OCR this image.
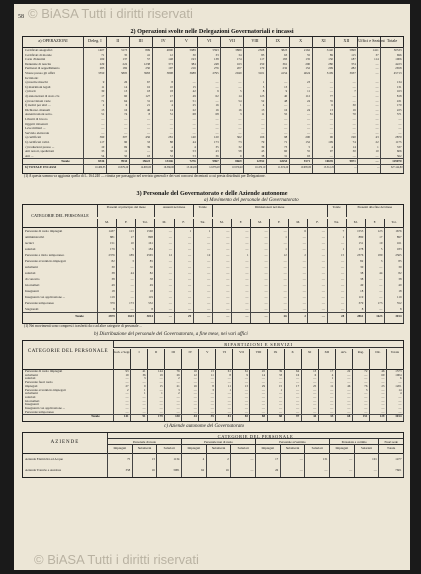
© BiASA Tutti i diritti riservati
58
2) Operazioni svolte nelle Delegazioni Governatoriali e incassi
a) OPERAZIONI	Deleg. I	II	III	IV	V	VI	VII	VIII	IX	X	XI	XII	Uffici e Sezioni Totale
Certificati anagrafici	1407	3173	899	4800	5989	5593	3889	2508	3823	2162	3140	5898	1411	50533
Certificati di morale	71	35	41	12	30	33	34	83	63	55	89	115	37	696
Carte d'identità	169	137	57	148	193	138	174	117	183	135	150	187	114	1906
Denunzie di nascita	229	222	1238	373	384	248	163	250	361	290	280	374	—	4223
Permessi di seppellimento	285	182	250	197	216	276	207	170	232	152	209	282	—	2658
Visure presso gli uffici	3550	5805	3983	3898	3688	2795	2049	3101	4154	4024	5109	3937	—	45713
Iscrizioni:
a) nascite maschi	9	26	67	8	—	—	—	1	—	23	—	—	—	134
b) matrimoni legali	11	14	16	10	15	—	—	5	13	—	—	—	—	131
c) morti	30	13	18	18	42	9	5	8	9	11	—	7	—	163
d) annotazioni di stato civ.	17	60	127	17	49	62	14	123	40	112	77	—	—	818
e) trascrizioni varie	71	64	31	22	51	—	54	52	48	24	35	—	—	431
f) inoltri per altri ...	2	6	21	4	25	16	1	4	—	—	6	30	—	170
Dichiaraz. manuali	13	16	46	14	22	16	16	13	16	24	13	16	—	225
Autenticazioni sotto.	51	74	8	51	68	68	3	11	55	—	81	70	—	571
Libretti di lavoro	—	—	—	—	—	—	—	—	—	—	—	—	—	—
Oggetti rinvenuti	—	—	—	—	—	—	—	—	—	—	—	—	—	—
Leve militari ...	—	—	—	—	—	—	—	—	—	—	—	—	—	—
Servizio elettorale	—	—	—	—	—	—	—	—	—	—	—	—	—	—
a) certificati	390	307	456	281	140	120	362	166	98	200	96	190	43	2870
b) certificati valid.	117	90	33	88	44	173	73	79	71	152	109	74	22	1173
c) traduzioni presso ...	10	69	39	4	4	35	32	39	73	5	4	14	1	337
Atti notori, spedizioni	33	11	—	38	53	43	58	45	60	55	97	30	10	606
Atti ...	54	50	18	53	53	36	9	38	31	93	—	—	—	562
Totale	8336	9934	15623	13346	7276	9967	8669	12352	12654	9171	10639	9871	—	129070
b) TOTALE INCASSI	10.486,85	10.679,20	14.665,60	16.366,60	13.194,00	12.876,20	10.979,40	10.479,10	11.674,20	10.985,80	15.312,25	—	—	327.144,80
(1) A questa somma va aggiunta quella di L. 164.240 — ritratta per passaggio nel servizio generali e dei vari concorsi decentrati a cui presta distribuiti per Delegazione.
3) Personale del Governatorato e delle Aziende autonome
a) Movimento del personale del Governatorato
CATEGORIE DEL PERSONALE
Presenti al principio del mese	Assunti nel mese	Totale	Dimissionari nel mese	Totale	Presenti alla fine del mese
M.	F.	Tot.	M.	F.	Tot.	M.	F.	M.	F.	M.	F.	Tot.	M.	F.	Tot.
Personale di ruolo impiegati	1437	123	1560	—	1	1	—	—	—	—	6	—	7	1553	123	1676
amministrativi	881	17	898	—	—	—	—	—	—	1	—	—	1	880	17	897
tecnici	151	10	161	—	—	—	—	—	—	—	—	—	—	151	10	161
salariati	179	5	184	—	—	—	—	—	—	1	—	—	1	178	5	183
Personale a titolo temporaneo	2376	189	2565	12	—	12	—	1	—	12	2	—	15	2376	189	2565
Personale avventizio impiegati	82	3	85	—	—	—	—	—	—	—	—	—	—	82	3	85
subalterni	30	—	30	—	—	—	—	—	—	—	—	—	—	30	—	30
salariati	38	44	82	—	—	—	—	—	—	—	—	—	—	38	44	82
di concetto	38	—	38	—	—	—	—	—	—	—	—	—	—	38	—	38
Giornalieri	49	—	49	—	—	—	—	—	—	—	—	—	—	49	—	49
Insegnanti	18	—	18	—	—	—	—	—	—	—	—	—	—	18	—	18
Insegnanti con applicazione ...	119	—	119	—	—	—	—	—	—	—	—	—	—	119	—	119
Personale temporaneo	379	173	552	—	—	—	—	—	—	—	—	—	—	379	173	552
Stagionali	8	—	8	—	—	—	—	—	—	—	—	—	—	8	—	8
Totale	2879	1623	3014	—	29	—	—	—	—	26	2	—	28	2861	1623	3014
(1) Nei movimenti sono compresi i trasferiti da o ad altre categorie di personale ...
b) Distribuzione del personale del Governatorato, a fine mese, nei vari uffici
CATEGORIE DEL PERSONALE
RIPARTIZIONI E SERVIZI
Gab. e Segr.	I	II	III	IV	V	VI	VII	VIII	IX	X	XI	XII	Avv.	Rag.	Dir.	Totale
Personale di ruolo impiegati	93	41	144	76	16	13	61	61	45	39	64	13	17	22	72	46	1573
subalterni	19	36	19	26	12	11	8	9	14	33	16	6	4	—	—	60	1004
salariati	—	3	—	2	—	—	—	—	—	—	—	—	1	—	—	—	6
Personale fuori ruolo	—	—	—	—	—	—	—	—	—	—	—	—	—	—	—	—	—
impiegati	27	9	15	21	16	8	11	13	29	15	17	25	11	46	76	23	1201
Personale avventizio impiegati	2	1	—	3	—	3	1	—	—	1	—	—	—	—	3	—	14
subalterni	—	1	1	2	—	—	—	—	—	—	—	—	—	—	—	—	4
salariati	—	—	—	—	—	—	—	—	—	—	—	—	—	—	—	—	—
Giornalieri	—	—	—	—	—	—	—	—	—	—	—	—	—	—	—	—	—
Insegnanti	—	—	—	—	—	—	—	—	—	—	—	—	—	—	—	—	—
Insegnanti con applicazione ...	—	—	—	—	—	—	—	—	—	—	—	—	—	—	—	—	—
Personale temporaneo	—	—	—	—	—	—	—	—	—	—	—	—	—	—	—	—	—
Totale	141	91	179	130	44	35	81	83	88	88	97	44	33	68	151	129	3014
c) Aziende autonome del Governatorato
AZIENDE
CATEGORIE DEL PERSONALE
Personale di ruolo	Personale non di ruolo	Personale avventizio	Personale a cottimo	Fuori sede
Impiegati	Subalterni	Salariati	Impiegati	Subalterni	Salariati	Impiegati	Subalterni	Salariati	Impiegati	Salariati	Totale
Azienda Elettricità ed Acque	75	13	1134	4	2	—	17	—	131	—	101	1477
Azienda Tranvie e Autobus	358	16	3081	62	16	—	26	—	—	—	—	7601
© BiASA Tutti i diritti riservati
